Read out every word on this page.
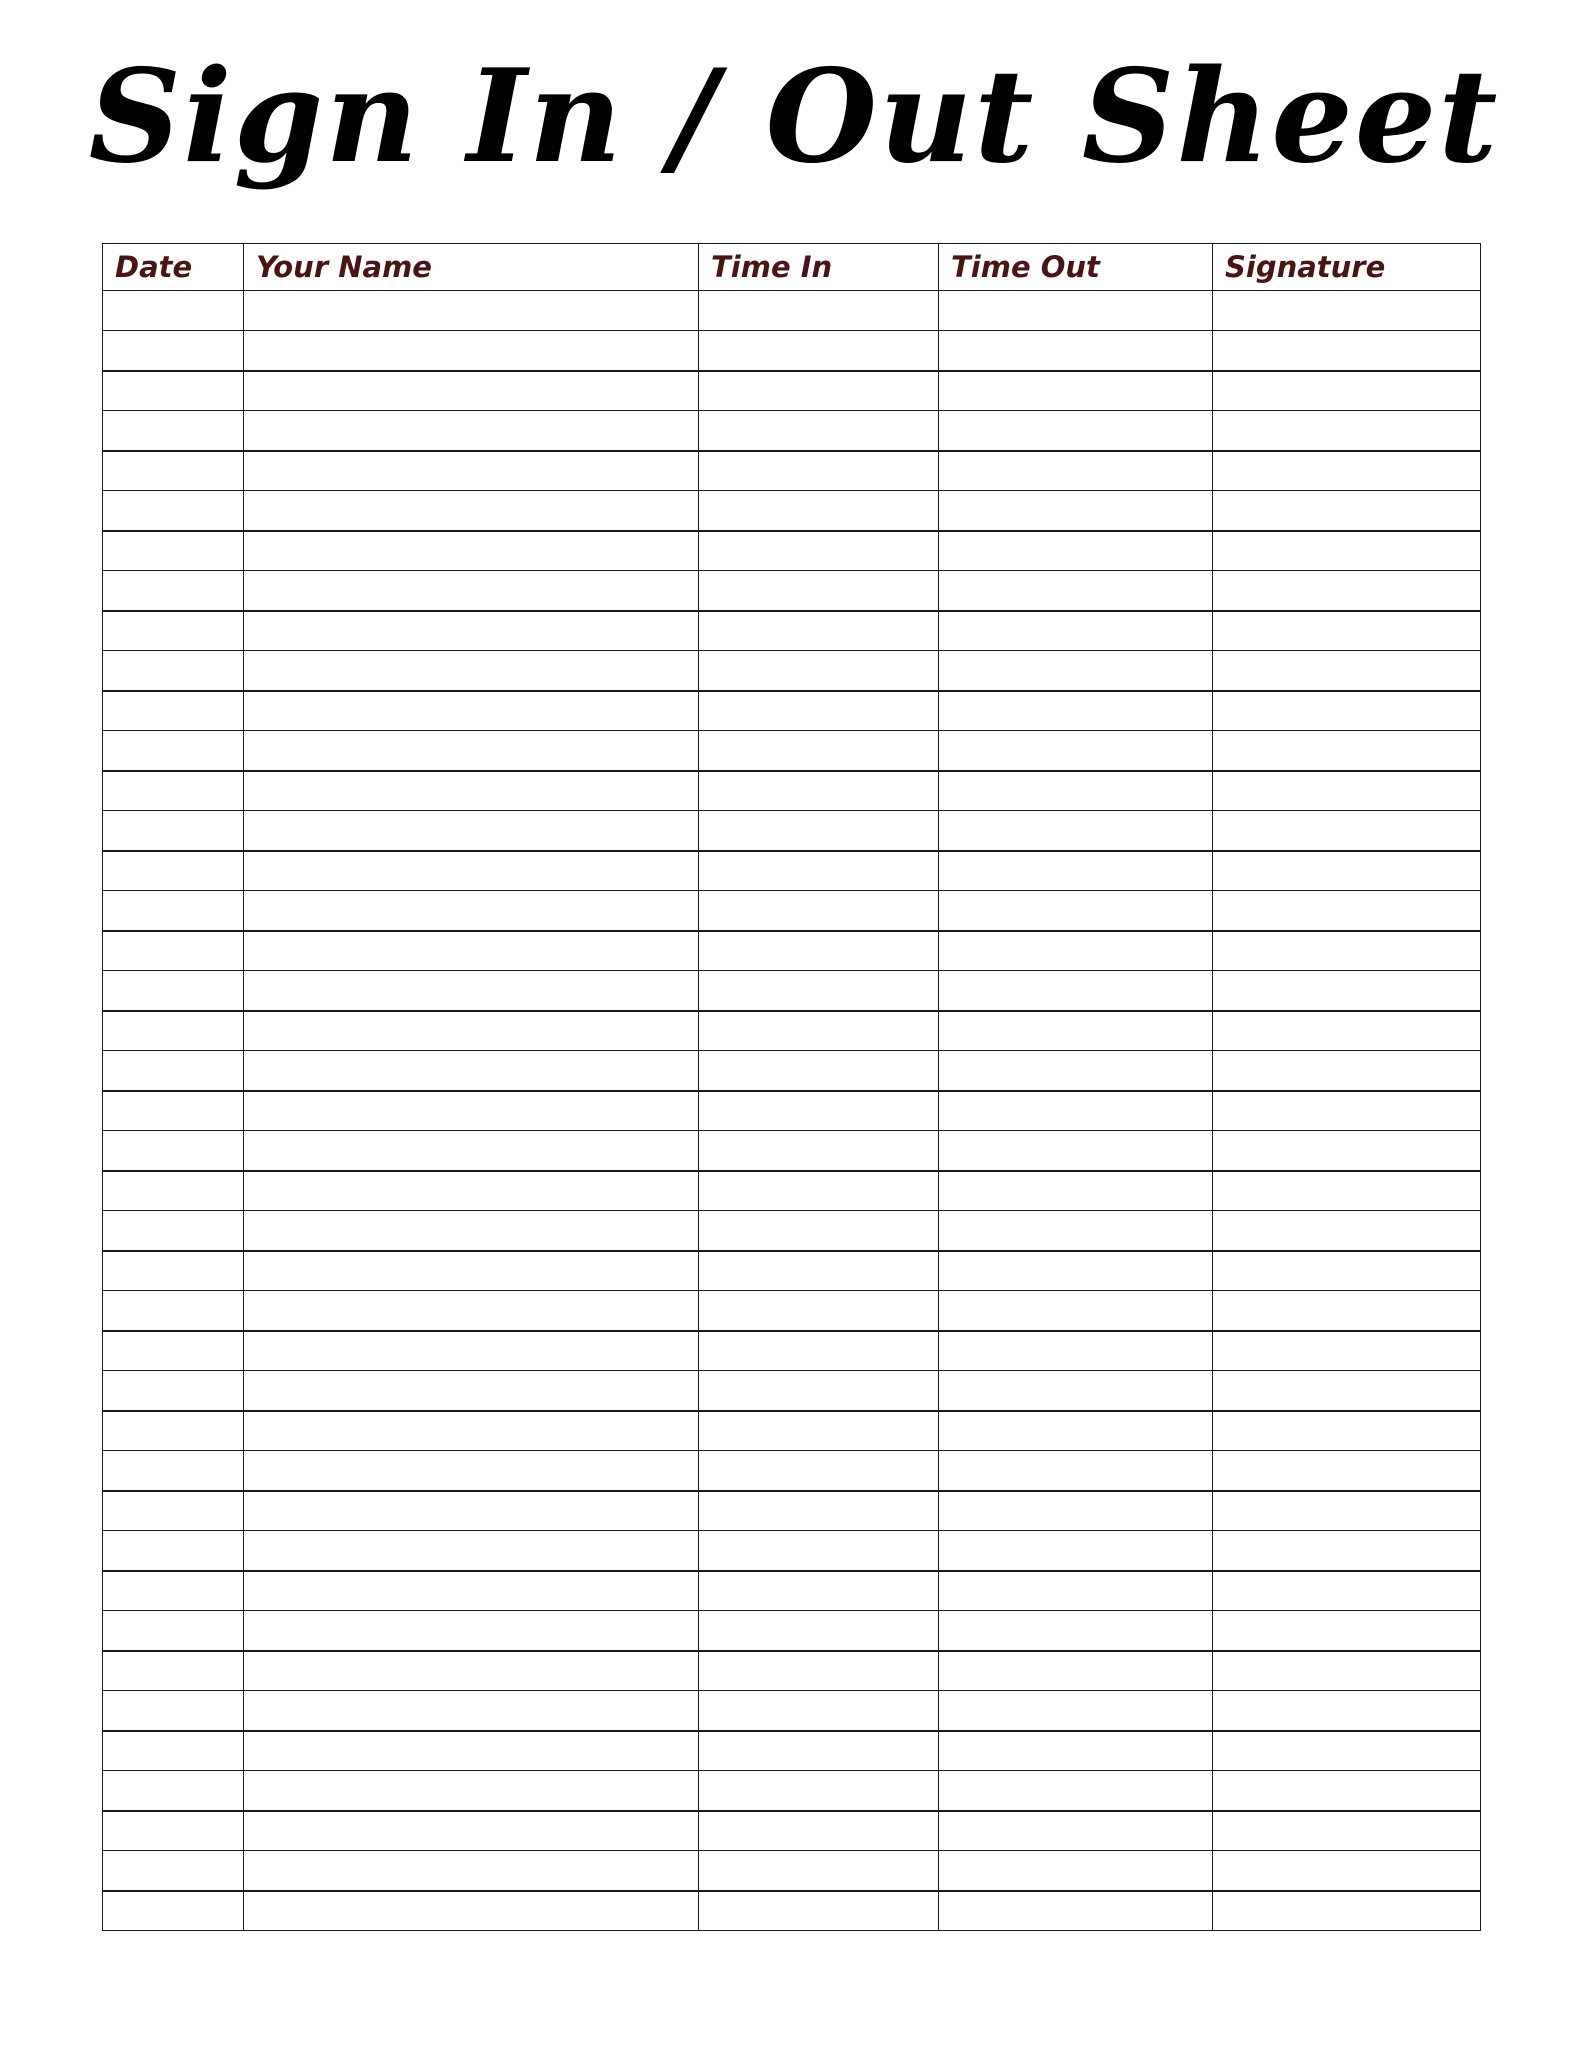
Sign In / Out Sheet
Date	Your Name	Time In	Time Out	Signature
